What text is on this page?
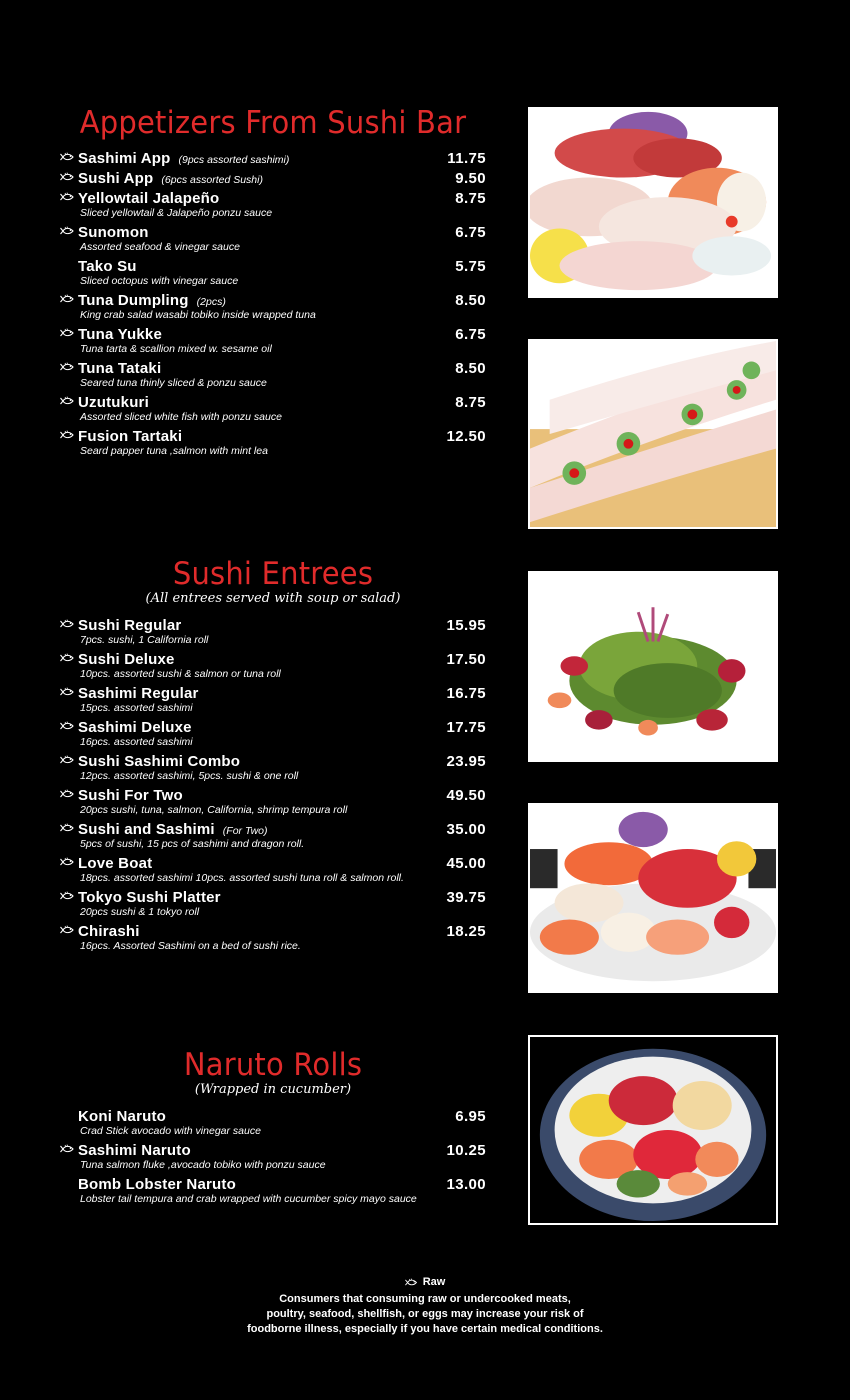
Appetizers From Sushi Bar
Sashimi App (9pcs assorted sashimi)	11.75
Sushi App (6pcs assorted Sushi)	9.50
Yellowtail Jalapeño
Sliced yellowtail & Jalapeño ponzu sauce
8.75
Sunomon
Assorted seafood & vinegar sauce
6.75
Tako Su
Sliced octopus with vinegar sauce
5.75
Tuna Dumpling (2pcs)
King crab salad wasabi tobiko inside wrapped tuna
8.50
Tuna Yukke
Tuna tarta & scallion mixed w. sesame oil
6.75
Tuna Tataki
Seared tuna thinly sliced & ponzu sauce
8.50
Uzutukuri
Assorted sliced white fish with ponzu sauce
8.75
Fusion Tartaki
Seard papper tuna ,salmon with mint lea
12.50
Sushi Entrees
(All entrees served with soup or salad)
Sushi Regular
7pcs. sushi, 1 California roll
15.95
Sushi Deluxe
10pcs. assorted sushi & salmon or tuna roll
17.50
Sashimi Regular
15pcs. assorted sashimi
16.75
Sashimi Deluxe
16pcs. assorted sashimi
17.75
Sushi Sashimi Combo
12pcs. assorted sashimi, 5pcs. sushi & one roll
23.95
Sushi For Two
20pcs sushi, tuna, salmon, California, shrimp tempura roll
49.50
Sushi and Sashimi (For Two)
5pcs of sushi, 15 pcs of sashimi and dragon roll.
35.00
Love Boat
18pcs. assorted sashimi 10pcs. assorted sushi tuna roll & salmon roll.
45.00
Tokyo Sushi Platter
20pcs sushi & 1 tokyo roll
39.75
Chirashi
16pcs. Assorted Sashimi on a bed of sushi rice.
18.25
Naruto Rolls
(Wrapped in cucumber)
Koni Naruto
Crad Stick avocado with vinegar sauce
6.95
Sashimi Naruto
Tuna salmon fluke ,avocado tobiko with ponzu sauce
10.25
Bomb Lobster Naruto
Lobster tail tempura and crab wrapped with cucumber spicy mayo sauce
13.00
Raw
Consumers that consuming raw or undercooked meats,
poultry, seafood, shellfish, or eggs may increase your risk of
foodborne illness, especially if you have certain medical conditions.
